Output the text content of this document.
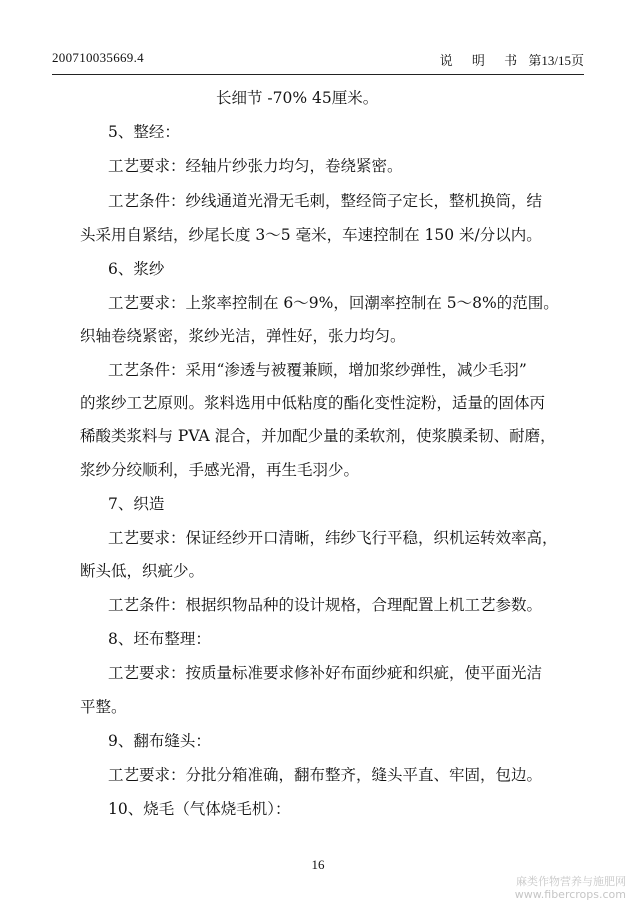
200710035669.4	说 明 书 第13/15页
长细节 -70% 45厘米。
5、整经：
工艺要求：经轴片纱张力均匀，卷绕紧密。
工艺条件：纱线通道光滑无毛刺，整经筒子定长，整机换筒，结
头采用自紧结，纱尾长度 3～5 毫米，车速控制在 150 米/分以内。
6、浆纱
工艺要求：上浆率控制在 6～9%，回潮率控制在 5～8%的范围。
织轴卷绕紧密，浆纱光洁，弹性好，张力均匀。
工艺条件：采用“渗透与被覆兼顾，增加浆纱弹性，减少毛羽”
的浆纱工艺原则。浆料选用中低粘度的酯化变性淀粉，适量的固体丙
稀酸类浆料与 PVA 混合，并加配少量的柔软剂，使浆膜柔韧、耐磨，
浆纱分绞顺利，手感光滑，再生毛羽少。
7、织造
工艺要求：保证经纱开口清晰，纬纱飞行平稳，织机运转效率高，
断头低，织疵少。
工艺条件：根据织物品种的设计规格，合理配置上机工艺参数。
8、坯布整理：
工艺要求：按质量标准要求修补好布面纱疵和织疵，使平面光洁
平整。
9、翻布缝头：
工艺要求：分批分箱准确，翻布整齐，缝头平直、牢固，包边。
10、烧毛（气体烧毛机）：
16
麻类作物营养与施肥网
www.fibercrops.com
